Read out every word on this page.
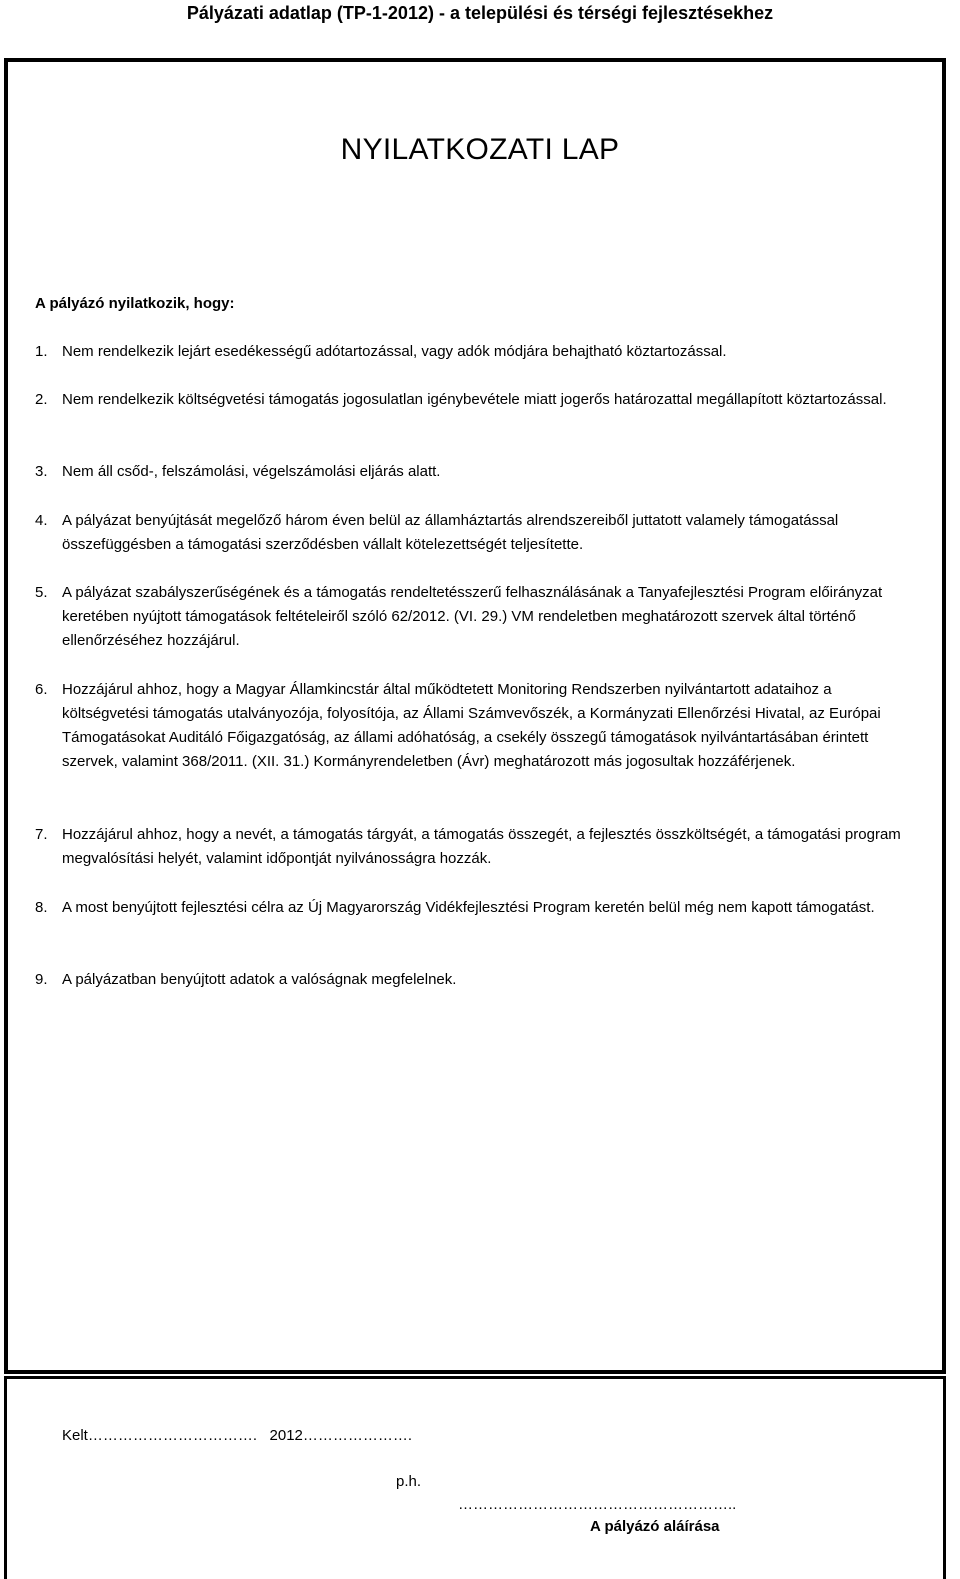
Pályázati adatlap (TP-1-2012) - a települési és térségi fejlesztésekhez
NYILATKOZATI LAP
A pályázó nyilatkozik, hogy:
1. Nem rendelkezik lejárt esedékességű adótartozással, vagy adók módjára behajtható köztartozással.
2. Nem rendelkezik költségvetési támogatás jogosulatlan igénybevétele miatt jogerős határozattal megállapított köztartozással.
3. Nem áll csőd-, felszámolási, végelszámolási eljárás alatt.
4. A pályázat benyújtását megelőző három éven belül az államháztartás alrendszereiből juttatott valamely támogatással összefüggésben a támogatási szerződésben vállalt kötelezettségét teljesítette.
5. A pályázat szabályszerűségének és a támogatás rendeltetésszerű felhasználásának a Tanyafejlesztési Program előirányzat keretében nyújtott támogatások feltételeiről szóló 62/2012. (VI. 29.) VM rendeletben meghatározott szervek által történő ellenőrzéséhez hozzájárul.
6. Hozzájárul ahhoz, hogy a Magyar Államkincstár által működtetett Monitoring Rendszerben nyilvántartott adataihoz a költségvetési támogatás utalványozója, folyosítója, az Állami Számvevőszék, a Kormányzati Ellenőrzési Hivatal, az Európai Támogatásokat Auditáló Főigazgatóság, az állami adóhatóság, a csekély összegű támogatások nyilvántartásában érintett szervek, valamint 368/2011. (XII. 31.) Kormányrendeletben (Ávr) meghatározott más jogosultak hozzáférjenek.
7. Hozzájárul ahhoz, hogy a nevét, a támogatás tárgyát, a támogatás összegét, a fejlesztés összköltségét, a támogatási program megvalósítási helyét, valamint időpontját nyilvánosságra hozzák.
8. A most benyújtott fejlesztési célra az Új Magyarország Vidékfejlesztési Program keretén belül még nem kapott támogatást.
9. A pályázatban benyújtott adatok a valóságnak megfelelnek.
Kelt…………………………….   2012………………….
p.h.
………………………………………………..
A pályázó aláírása
